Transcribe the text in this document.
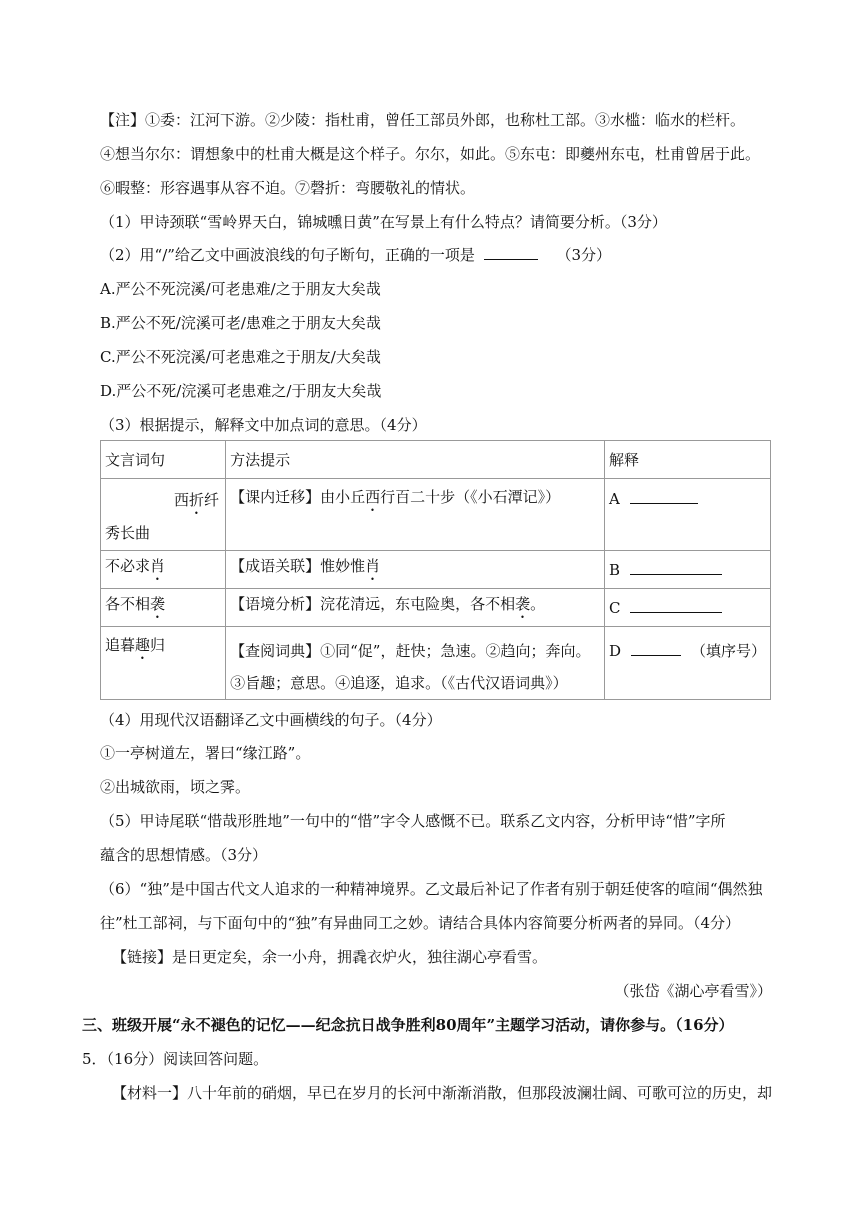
【注】①委：江河下游。②少陵：指杜甫，曾任工部员外郎，也称杜工部。③水槛：临水的栏杆。
④想当尔尔：谓想象中的杜甫大概是这个样子。尔尔，如此。⑤东屯：即夔州东屯，杜甫曾居于此。
⑥暇整：形容遇事从容不迫。⑦磬折：弯腰敬礼的情状。
（1）甲诗颈联“雪岭界天白，锦城曛日黄”在写景上有什么特点？请简要分析。（3分）
（2）用“/”给乙文中画波浪线的句子断句，正确的一项是	（3分）
A.严公不死浣溪/可老患难/之于朋友大矣哉
B.严公不死/浣溪可老/患难之于朋友大矣哉
C.严公不死浣溪/可老患难之于朋友/大矣哉
D.严公不死/浣溪可老患难之/于朋友大矣哉
（3）根据提示，解释文中加点词的意思。（4分）
文言词句	方法提示	解释
西折纤秀长曲	【课内迁移】由小丘西行百二十步（《小石潭记》）	A
不必求肖	【成语关联】惟妙惟肖	B
各不相袭	【语境分析】浣花清远，东屯险奥，各不相袭。	C
追暮趣归	【查阅词典】①同“促”，赶快；急速。②趋向；奔向。③旨趣；意思。④追逐，追求。（《古代汉语词典》）	D （填序号）
（4）用现代汉语翻译乙文中画横线的句子。（4分）
①一亭树道左，署曰“缘江路”。
②出城欲雨，顷之霁。
（5）甲诗尾联“惜哉形胜地”一句中的“惜”字令人感慨不已。联系乙文内容，分析甲诗“惜”字所
蕴含的思想情感。（3分）
（6）“独”是中国古代文人追求的一种精神境界。乙文最后补记了作者有别于朝廷使客的喧闹“偶然独
往”杜工部祠，与下面句中的“独”有异曲同工之妙。请结合具体内容简要分析两者的异同。（4分）
【链接】是日更定矣，余一小舟，拥毳衣炉火，独往湖心亭看雪。
（张岱《湖心亭看雪》）
三、班级开展“永不褪色的记忆——纪念抗日战争胜利80周年”主题学习活动，请你参与。（16分）
5．（16分）阅读回答问题。
【材料一】八十年前的硝烟，早已在岁月的长河中渐渐消散，但那段波澜壮阔、可歌可泣的历史，却
